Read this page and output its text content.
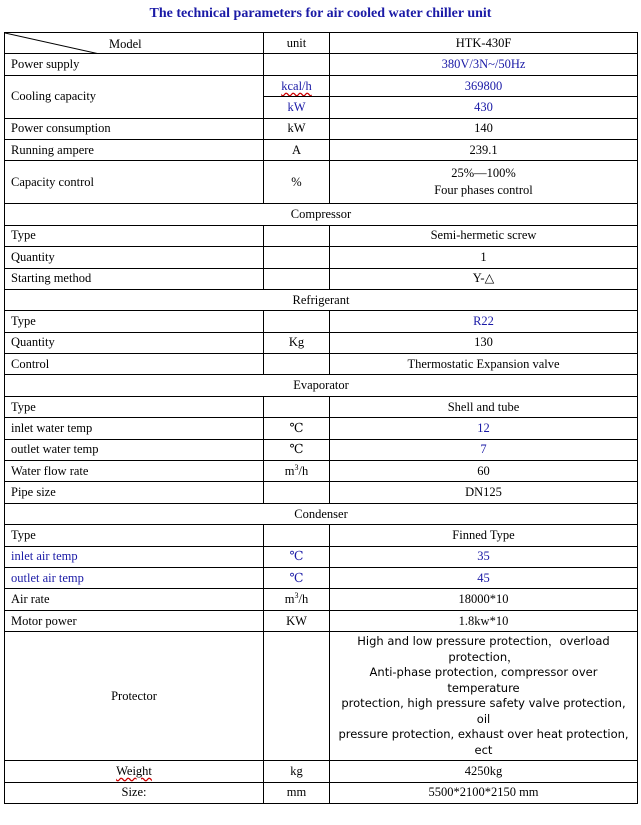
The technical parameters for air cooled water chiller unit
Model	unit	HTK-430F
Power supply		380V/3N~/50Hz
Cooling capacity	kcal/h	369800
	kW	430
Power consumption	kW	140
Running ampere	A	239.1
Capacity control	%	25%—100%
Four phases control

Compressor		
Type		Semi-hermetic screw
Quantity		1
Starting method		Y-△
Refrigerant		
Type		R22
Quantity	Kg	130
Control		Thermostatic Expansion valve
Evaporator		
Type		Shell and tube
inlet water temp	℃	12
outlet water temp	℃	7
Water flow rate	$m^3/h$	60
Pipe size		DN125
Condenser		
Type		Finned Type
inlet air temp	℃	35
outlet air temp	℃	45
Air rate	$m^3/h$	18000*10
Motor power	KW	1.8kw*10
Protector		High and low pressure protection，overload
protection，
Anti-phase protection, compressor over temperature
protection, high pressure safety valve protection, oil
pressure protection, exhaust over heat protection, ect

Weight	kg	4250kg
Size:	mm	5500*2100*2150 mm
